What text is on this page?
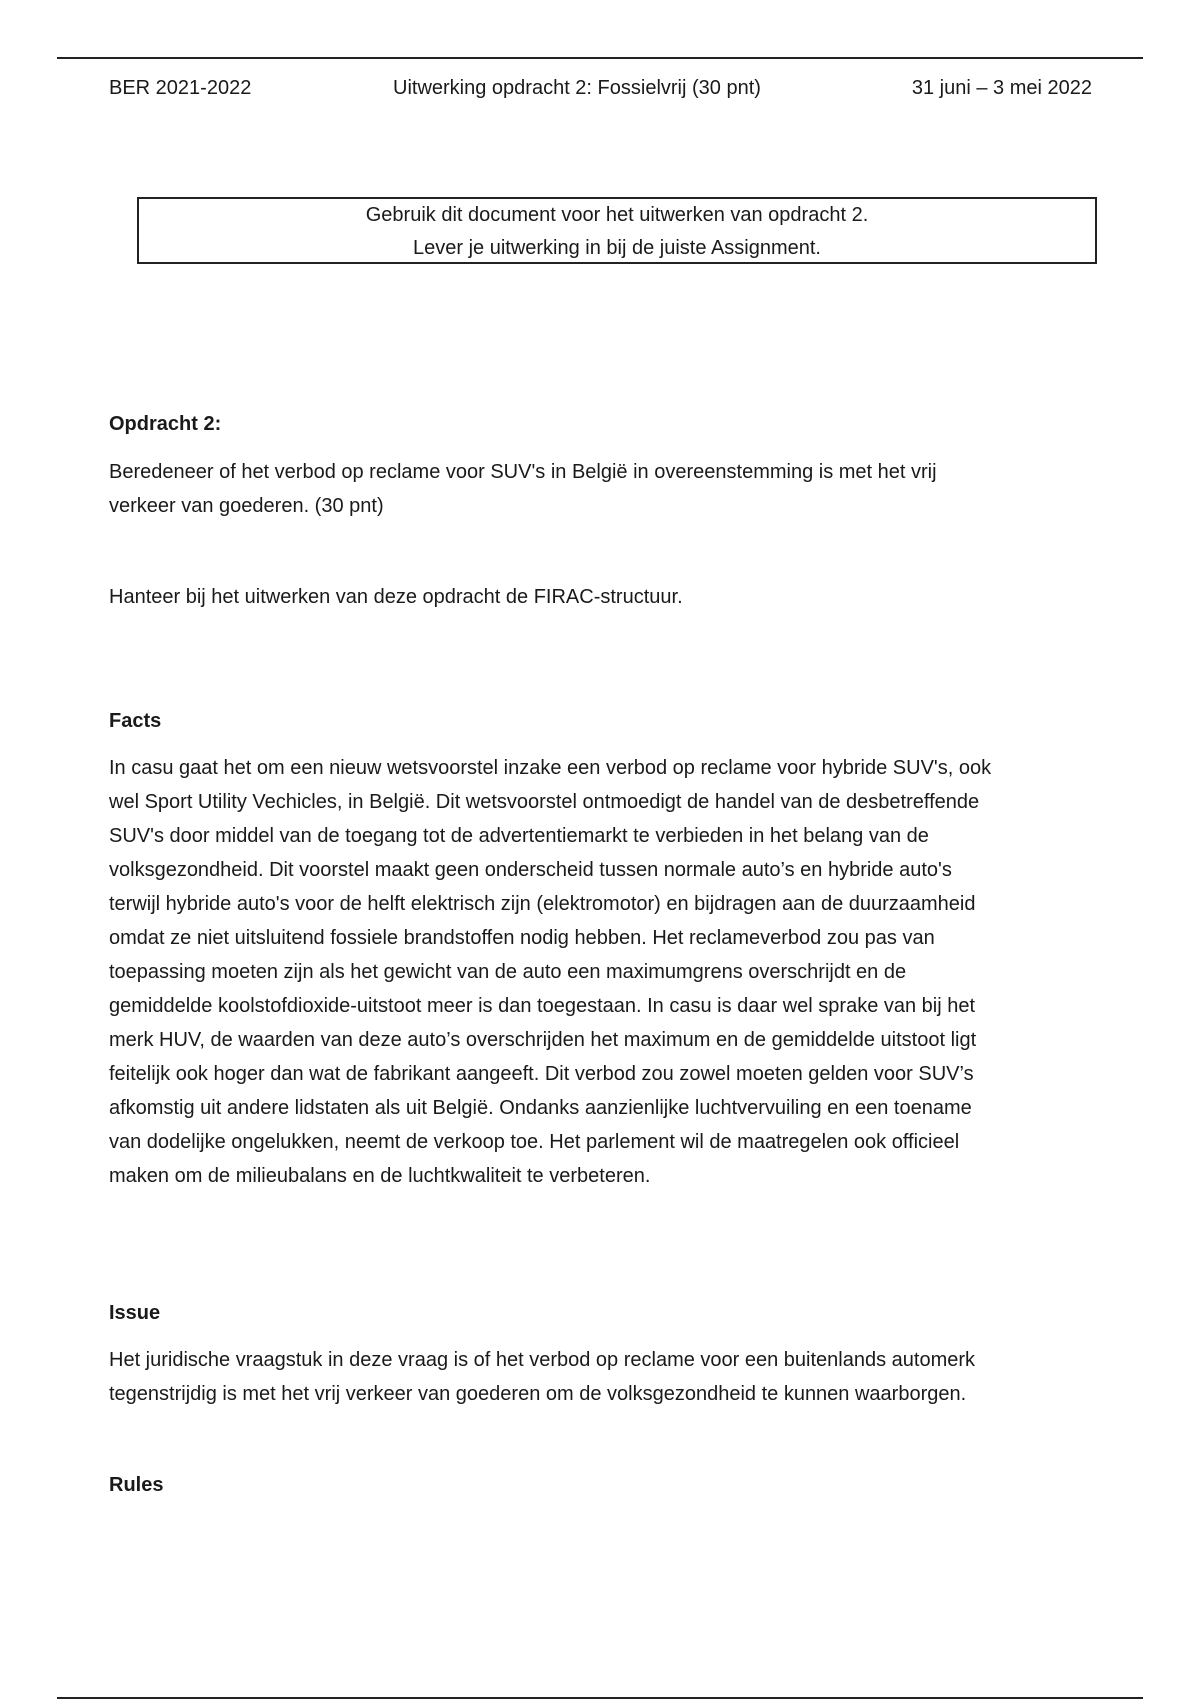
BER 2021-2022	Uitwerking opdracht 2: Fossielvrij (30 pnt)	31 juni – 3 mei 2022
Gebruik dit document voor het uitwerken van opdracht 2.
Lever je uitwerking in bij de juiste Assignment.
Opdracht 2:
Beredeneer of het verbod op reclame voor SUV's in België in overeenstemming is met het vrij
verkeer van goederen. (30 pnt)
Hanteer bij het uitwerken van deze opdracht de FIRAC-structuur.
Facts
In casu gaat het om een nieuw wetsvoorstel inzake een verbod op reclame voor hybride SUV's, ook
wel Sport Utility Vechicles, in België. Dit wetsvoorstel ontmoedigt de handel van de desbetreffende
SUV's door middel van de toegang tot de advertentiemarkt te verbieden in het belang van de
volksgezondheid. Dit voorstel maakt geen onderscheid tussen normale auto’s en hybride auto's
terwijl hybride auto's voor de helft elektrisch zijn (elektromotor) en bijdragen aan de duurzaamheid
omdat ze niet uitsluitend fossiele brandstoffen nodig hebben. Het reclameverbod zou pas van
toepassing moeten zijn als het gewicht van de auto een maximumgrens overschrijdt en de
gemiddelde koolstofdioxide-uitstoot meer is dan toegestaan. In casu is daar wel sprake van bij het
merk HUV, de waarden van deze auto’s overschrijden het maximum en de gemiddelde uitstoot ligt
feitelijk ook hoger dan wat de fabrikant aangeeft. Dit verbod zou zowel moeten gelden voor SUV’s
afkomstig uit andere lidstaten als uit België. Ondanks aanzienlijke luchtvervuiling en een toename
van dodelijke ongelukken, neemt de verkoop toe. Het parlement wil de maatregelen ook officieel
maken om de milieubalans en de luchtkwaliteit te verbeteren.
Issue
Het juridische vraagstuk in deze vraag is of het verbod op reclame voor een buitenlands automerk
tegenstrijdig is met het vrij verkeer van goederen om de volksgezondheid te kunnen waarborgen.
Rules
